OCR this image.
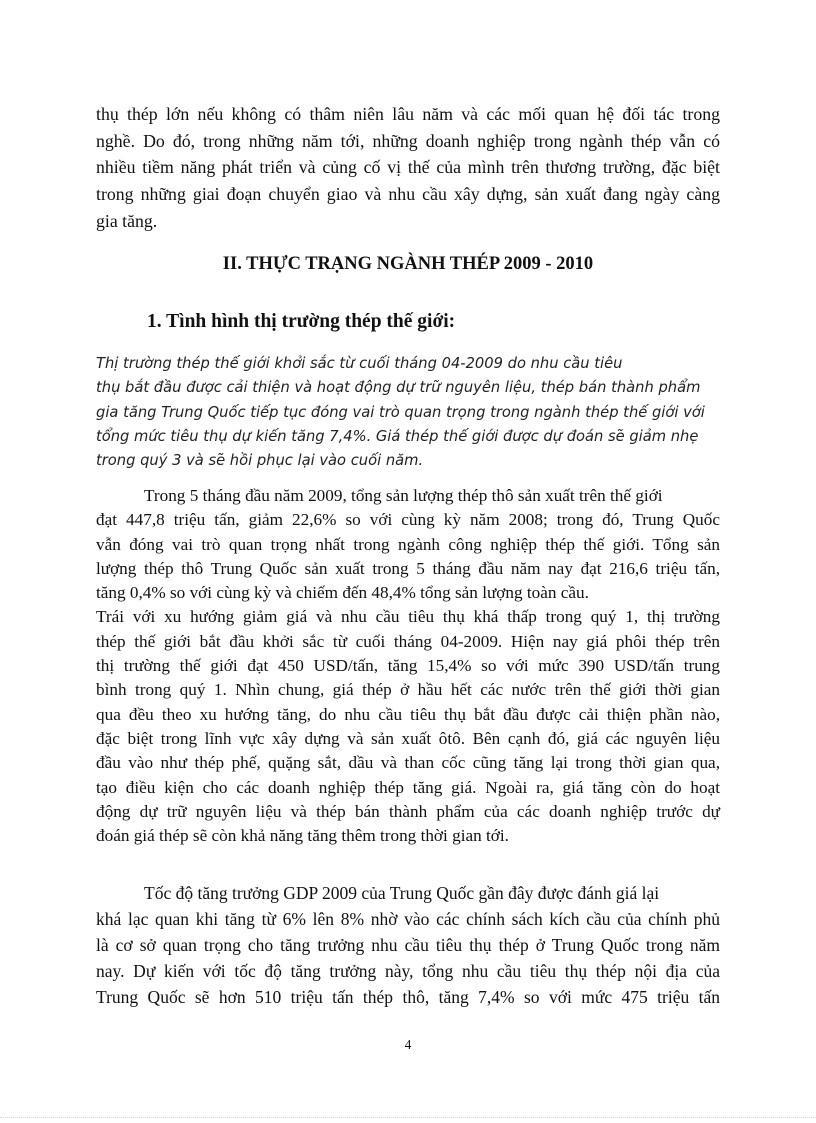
thụ thép lớn nếu không có thâm niên lâu năm và các mối quan hệ đối tác trong
nghề. Do đó, trong những năm tới, những doanh nghiệp trong ngành thép vẫn có
nhiều tiềm năng phát triển và củng cố vị thế của mình trên thương trường, đặc biệt
trong những giai đoạn chuyển giao và nhu cầu xây dựng, sản xuất đang ngày càng
gia tăng.
II. THỰC TRẠNG NGÀNH THÉP 2009 - 2010
1. Tình hình thị trường thép thế giới:
Thị trường thép thế giới khởi sắc từ cuối tháng 04-2009 do nhu cầu tiêu
thụ bắt đầu được cải thiện và hoạt động dự trữ nguyên liệu, thép bán thành phẩm
gia tăng Trung Quốc tiếp tục đóng vai trò quan trọng trong ngành thép thế giới với
tổng mức tiêu thụ dự kiến tăng 7,4%. Giá thép thế giới được dự đoán sẽ giảm nhẹ
trong quý 3 và sẽ hồi phục lại vào cuối năm.
Trong 5 tháng đầu năm 2009, tổng sản lượng thép thô sản xuất trên thế giới
đạt 447,8 triệu tấn, giảm 22,6% so với cùng kỳ năm 2008; trong đó, Trung Quốc
vẫn đóng vai trò quan trọng nhất trong ngành công nghiệp thép thế giới. Tổng sản
lượng thép thô Trung Quốc sản xuất trong 5 tháng đầu năm nay đạt 216,6 triệu tấn,
tăng 0,4% so với cùng kỳ và chiếm đến 48,4% tổng sản lượng toàn cầu.
Trái với xu hướng giảm giá và nhu cầu tiêu thụ khá thấp trong quý 1, thị trường
thép thế giới bắt đầu khởi sắc từ cuối tháng 04-2009. Hiện nay giá phôi thép trên
thị trường thế giới đạt 450 USD/tấn, tăng 15,4% so với mức 390 USD/tấn trung
bình trong quý 1. Nhìn chung, giá thép ở hầu hết các nước trên thế giới thời gian
qua đều theo xu hướng tăng, do nhu cầu tiêu thụ bắt đầu được cải thiện phần nào,
đặc biệt trong lĩnh vực xây dựng và sản xuất ôtô. Bên cạnh đó, giá các nguyên liệu
đầu vào như thép phế, quặng sắt, dầu và than cốc cũng tăng lại trong thời gian qua,
tạo điều kiện cho các doanh nghiệp thép tăng giá. Ngoài ra, giá tăng còn do hoạt
động dự trữ nguyên liệu và thép bán thành phẩm của các doanh nghiệp trước dự
đoán giá thép sẽ còn khả năng tăng thêm trong thời gian tới.
Tốc độ tăng trưởng GDP 2009 của Trung Quốc gần đây được đánh giá lại
khá lạc quan khi tăng từ 6% lên 8% nhờ vào các chính sách kích cầu của chính phủ
là cơ sở quan trọng cho tăng trưởng nhu cầu tiêu thụ thép ở Trung Quốc trong năm
nay. Dự kiến với tốc độ tăng trưởng này, tổng nhu cầu tiêu thụ thép nội địa của
Trung Quốc sẽ hơn 510 triệu tấn thép thô, tăng 7,4% so với mức 475 triệu tấn
4
